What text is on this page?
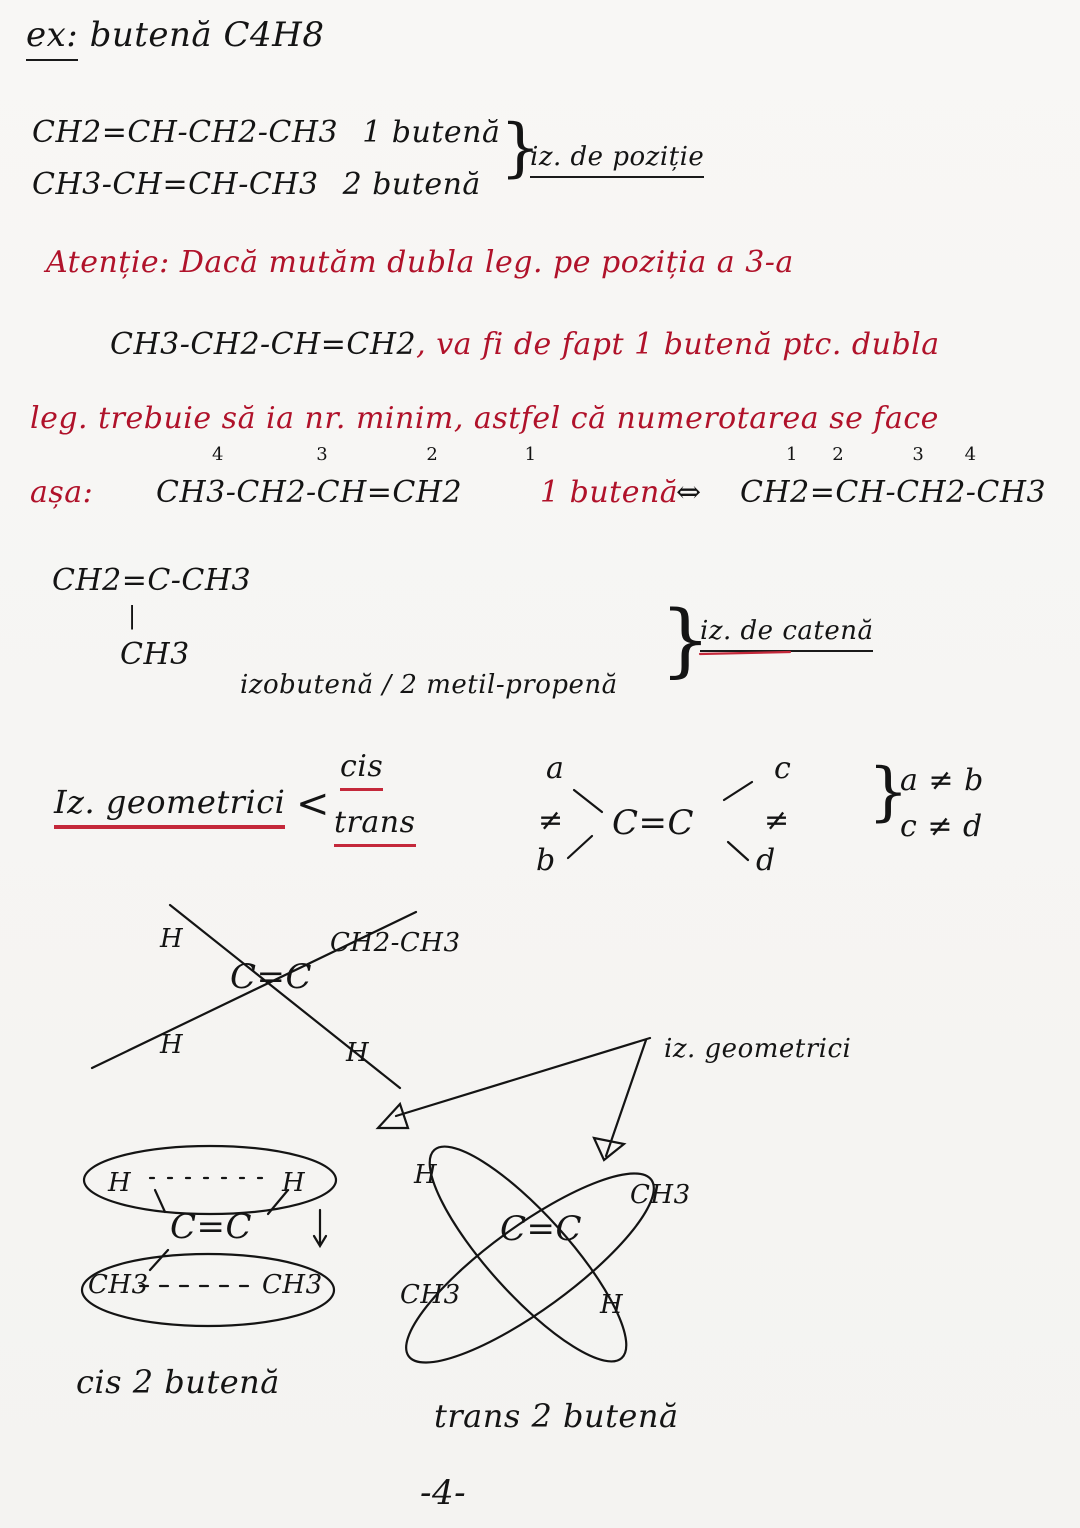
ex: butenă C4H8
CH2=CH-CH2-CH3 1 butenă
CH3-CH=CH-CH3 2 butenă }
iz. de poziție
Atenție: Dacă mutăm dubla leg. pe poziția a 3-a
CH3-CH2-CH=CH2, va fi de fapt 1 butenă ptc. dubla
leg. trebuie să ia nr. minim, astfel că numerotarea se face
așa: CH3-CH2-CH=CH2
4	3	2	1
1 butenă
⇔ CH2=CH-CH2-CH3
1 2	3 4
CH2=C-CH3
|
CH3
izobutenă / 2 metil-propenă }
iz. de catenă
Iz. geometrici <
cis
trans
a
≠
b
C=C
c
≠
d
}
a ≠ b
c ≠ d
H
C=C
CH2-CH3
H	H	iz. geometrici
H	H
C=C
CH3	CH3
cis 2 butenă
H
CH3
C=C
CH3	H
trans 2 butenă
-4-
